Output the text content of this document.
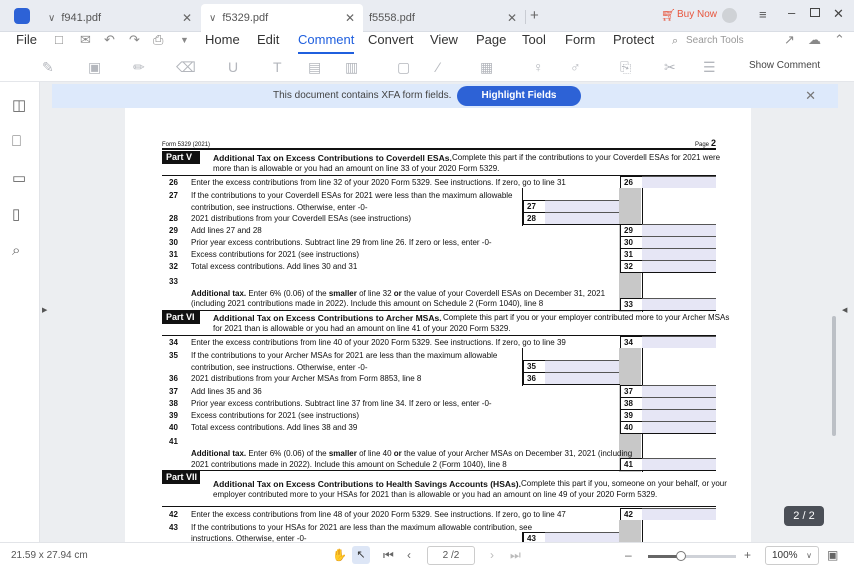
∨ f941.pdf	✕ ∨ f5329.pdf	✕ f5558.pdf	✕ +	🛒︎ Buy Now	≡ –	✕
File □ ✉ ↶ ↷ ⎙ ▼ Home Edit Comment Convert View Page Tool Form Protect ⌕ Search Tools	↗ ☁ ⌃
✎ ▣ ✏ ⌫ U T ▤ ▥	▢ ⁄	▦	♀ ♂	⎘ ✂ ☰	Show Comment
◫
⎕
▭
▯
⌕
▶	◀
This document contains XFA form fields.	Highlight Fields	✕
Form 5329 (2021)	Page 2
Part V	Additional Tax on Excess Contributions to Coverdell ESAs. Complete this part if the contributions to your Coverdell ESAs for 2021 were
more than is allowable or you had an amount on line 33 of your 2020 Form 5329.
26 Enter the excess contributions from line 32 of your 2020 Form 5329. See instructions. If zero, go to line 31	26
27 If the contributions to your Coverdell ESAs for 2021 were less than the maximum allowable
contribution, see instructions. Otherwise, enter -0-	27
28 2021 distributions from your Coverdell ESAs (see instructions)	28
29 Add lines 27 and 28	29
30 Prior year excess contributions. Subtract line 29 from line 26. If zero or less, enter -0-	30
31 Excess contributions for 2021 (see instructions)	31
32 Total excess contributions. Add lines 30 and 31	32
33
Additional tax. Enter 6% (0.06) of the smaller of line 32 or the value of your Coverdell ESAs on December 31, 2021
(including 2021 contributions made in 2022). Include this amount on Schedule 2 (Form 1040), line 8	33
Part VI	Additional Tax on Excess Contributions to Archer MSAs. Complete this part if you or your employer contributed more to your Archer MSAs
for 2021 than is allowable or you had an amount on line 41 of your 2020 Form 5329.
34 Enter the excess contributions from line 40 of your 2020 Form 5329. See instructions. If zero, go to line 39	34
35 If the contributions to your Archer MSAs for 2021 are less than the maximum allowable
contribution, see instructions. Otherwise, enter -0-	35
36 2021 distributions from your Archer MSAs from Form 8853, line 8	36
37 Add lines 35 and 36	37
38 Prior year excess contributions. Subtract line 37 from line 34. If zero or less, enter -0-	38
39 Excess contributions for 2021 (see instructions)	39
40 Total excess contributions. Add lines 38 and 39	40
41
Additional tax. Enter 6% (0.06) of the smaller of line 40 or the value of your Archer MSAs on December 31, 2021 (including
2021 contributions made in 2022). Include this amount on Schedule 2 (Form 1040), line 8	41
Part VII
Additional Tax on Excess Contributions to Health Savings Accounts (HSAs). Complete this part if you, someone on your behalf, or your
employer contributed more to your HSAs for 2021 than is allowable or you had an amount on line 49 of your 2020 Form 5329.
42 Enter the excess contributions from line 48 of your 2020 Form 5329. See instructions. If zero, go to line 47	42
43 If the contributions to your HSAs for 2021 are less than the maximum allowable contribution, see
instructions. Otherwise, enter -0-	43
2 / 2
21.59 x 27.94 cm	✋ ↖	⏮︎ ‹	2 /2	› ⏭︎	–	+	100% ∨ ▣
